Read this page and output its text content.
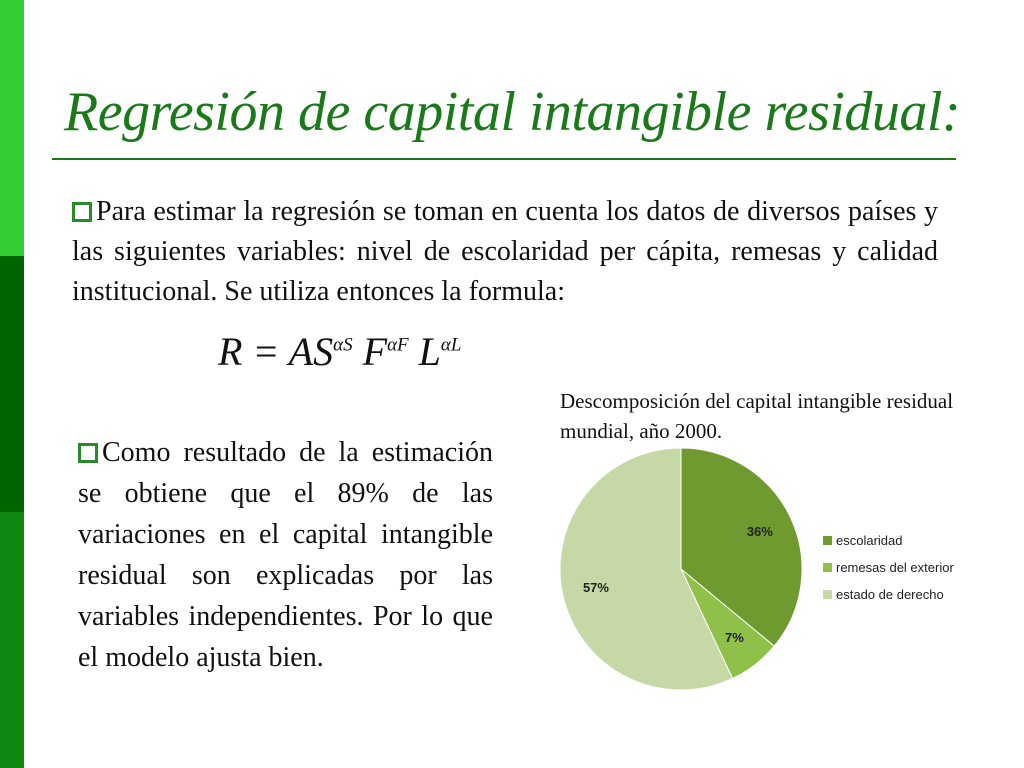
Regresión de capital intangible residual:
Para estimar la regresión se toman en cuenta los datos de diversos países y las siguientes variables: nivel de escolaridad per cápita, remesas y calidad institucional. Se utiliza entonces la formula:
$R = AS^{\alpha S}$ $F^{\alpha F}$ $L^{\alpha L}$
Como resultado de la estimación se obtiene que el 89% de las variaciones en el capital intangible residual son explicadas por las variables independientes. Por lo que el modelo ajusta bien.
Descomposición del capital intangible residual mundial, año 2000.
36%
7%
57%
escolaridad
remesas del exterior
estado de derecho
